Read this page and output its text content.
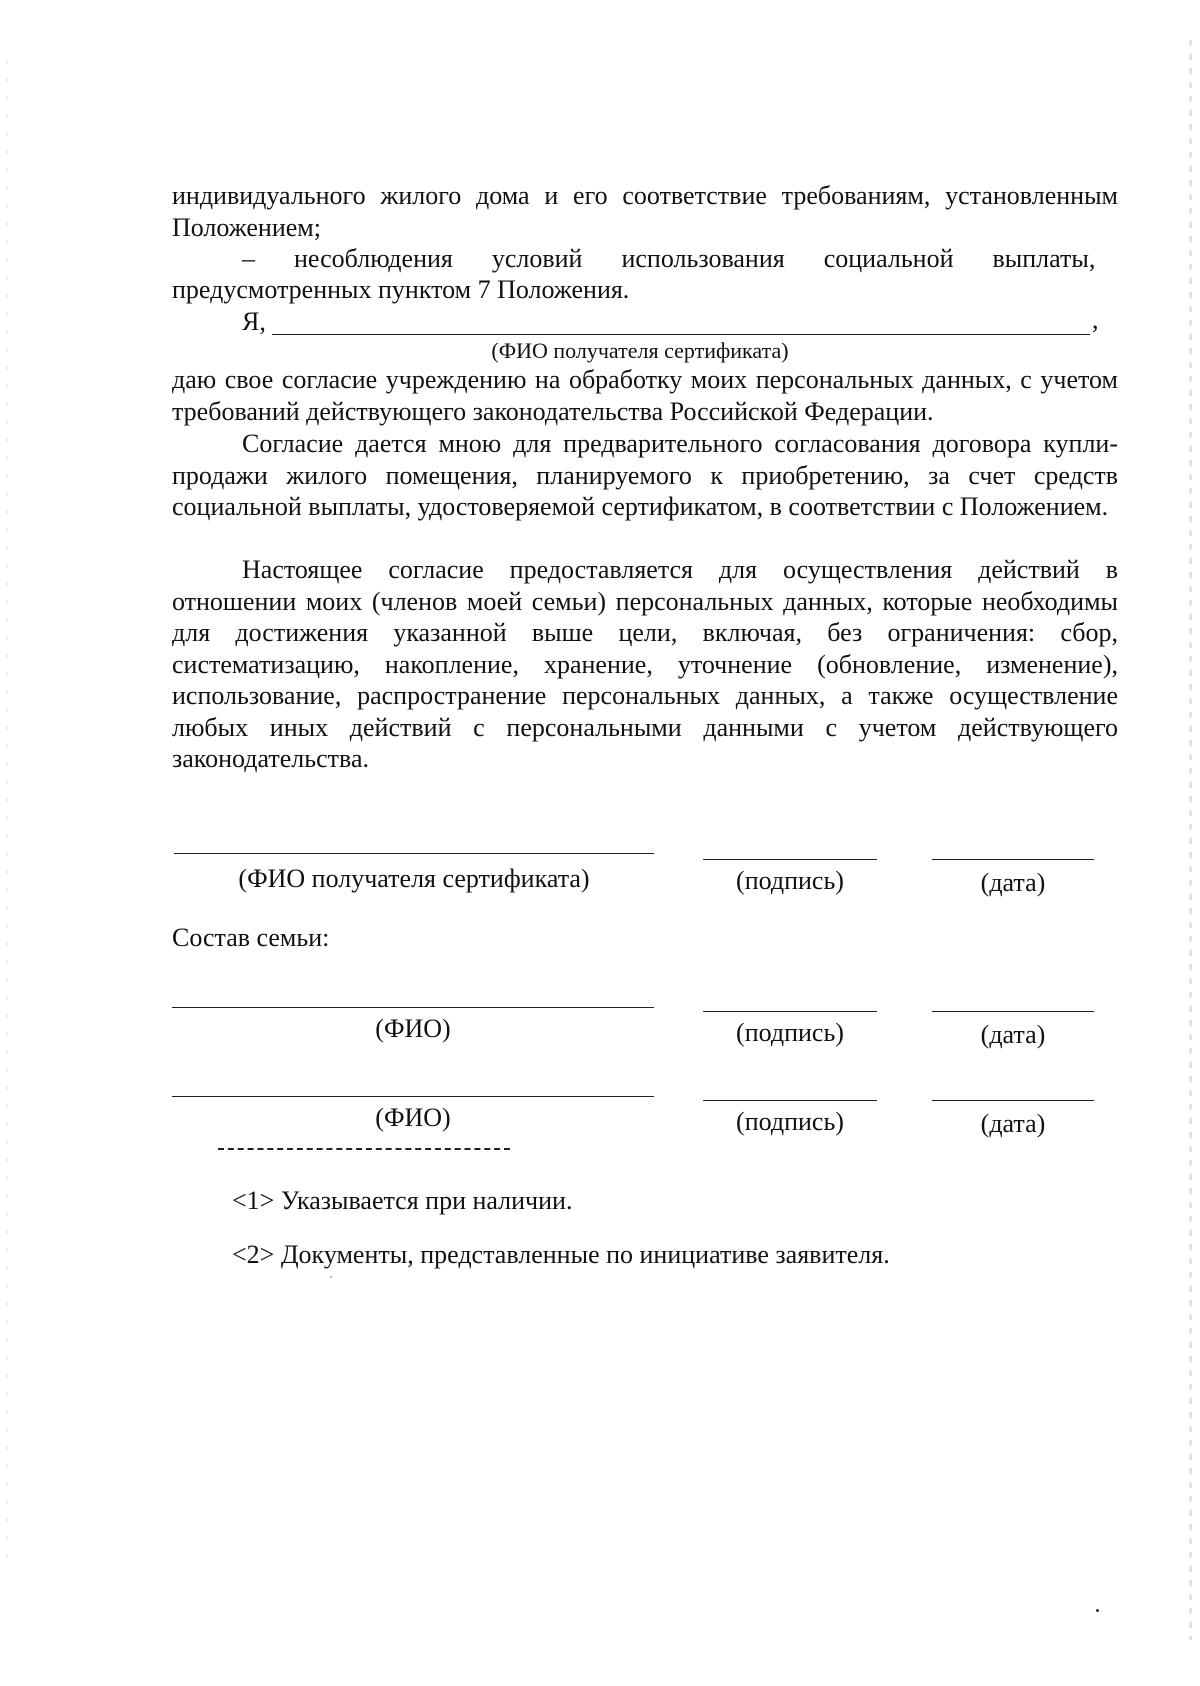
индивидуального жилого дома и его соответствие требованиям, установленным Положением;
–      несоблюдения      условий      использования      социальной      выплаты,
предусмотренных пунктом 7 Положения.
Я,	,
(ФИО получателя сертификата)
даю свое согласие учреждению на обработку моих персональных данных, с учетом требований действующего законодательства Российской Федерации.
Согласие дается мною для предварительного согласования договора купли-продажи жилого помещения, планируемого к приобретению, за счет средств социальной выплаты, удостоверяемой сертификатом, в соответствии с Положением.
Настоящее согласие предоставляется для осуществления действий в отношении моих (членов моей семьи) персональных данных, которые необходимы для достижения указанной выше цели, включая, без ограничения: сбор, систематизацию, накопление, хранение, уточнение (обновление, изменение), использование, распространение персональных данных, а также осуществление любых иных действий с персональными данными с учетом действующего законодательства.
(ФИО получателя сертификата)	(подпись)	(дата)
Состав семьи:
(ФИО)	(подпись)	(дата)
(ФИО)	(подпись)	(дата)
<1> Указывается при наличии.
<2> Документы, представленные по инициативе заявителя.
